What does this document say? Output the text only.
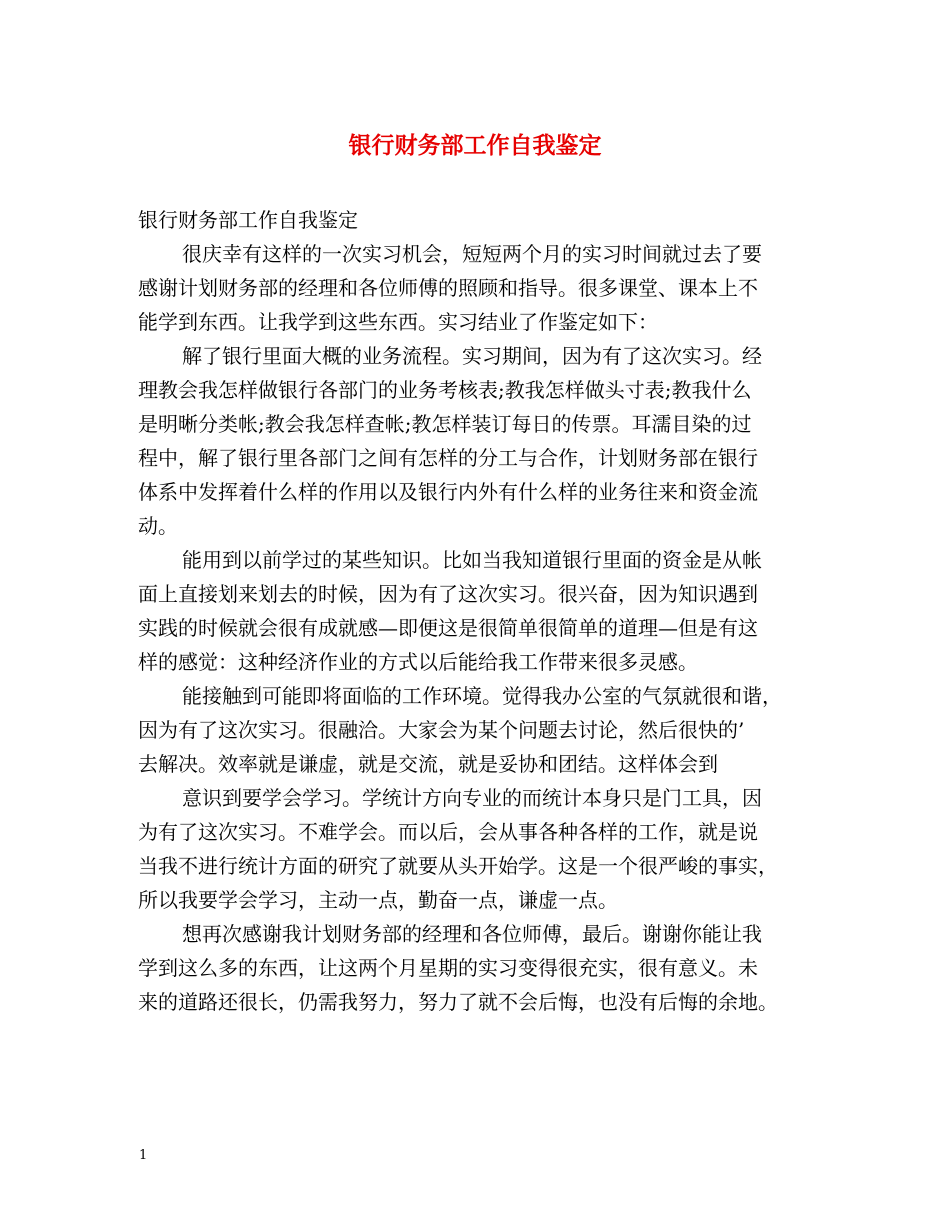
银行财务部工作自我鉴定

银行财务部工作自我鉴定

很庆幸有这样的一次实习机会，短短两个月的实习时间就过去了要
感谢计划财务部的经理和各位师傅的照顾和指导。很多课堂、课本上不
能学到东西。让我学到这些东西。实习结业了作鉴定如下：

解了银行里面大概的业务流程。实习期间，因为有了这次实习。经
理教会我怎样做银行各部门的业务考核表;教我怎样做头寸表;教我什么
是明晰分类帐;教会我怎样查帐;教怎样装订每日的传票。耳濡目染的过
程中，解了银行里各部门之间有怎样的分工与合作，计划财务部在银行
体系中发挥着什么样的作用以及银行内外有什么样的业务往来和资金流
动。

能用到以前学过的某些知识。比如当我知道银行里面的资金是从帐
面上直接划来划去的时候，因为有了这次实习。很兴奋，因为知识遇到
实践的时候就会很有成就感—即便这是很简单很简单的道理—但是有这
样的感觉：这种经济作业的方式以后能给我工作带来很多灵感。

能接触到可能即将面临的工作环境。觉得我办公室的气氛就很和谐，
因为有了这次实习。很融洽。大家会为某个问题去讨论，然后很快的’
去解决。效率就是谦虚，就是交流，就是妥协和团结。这样体会到

意识到要学会学习。学统计方向专业的而统计本身只是门工具，因
为有了这次实习。不难学会。而以后，会从事各种各样的工作，就是说
当我不进行统计方面的研究了就要从头开始学。这是一个很严峻的事实，
所以我要学会学习，主动一点，勤奋一点，谦虚一点。

想再次感谢我计划财务部的经理和各位师傅，最后。谢谢你能让我
学到这么多的东西，让这两个月星期的实习变得很充实，很有意义。未
来的道路还很长，仍需我努力，努力了就不会后悔，也没有后悔的余地。

1
